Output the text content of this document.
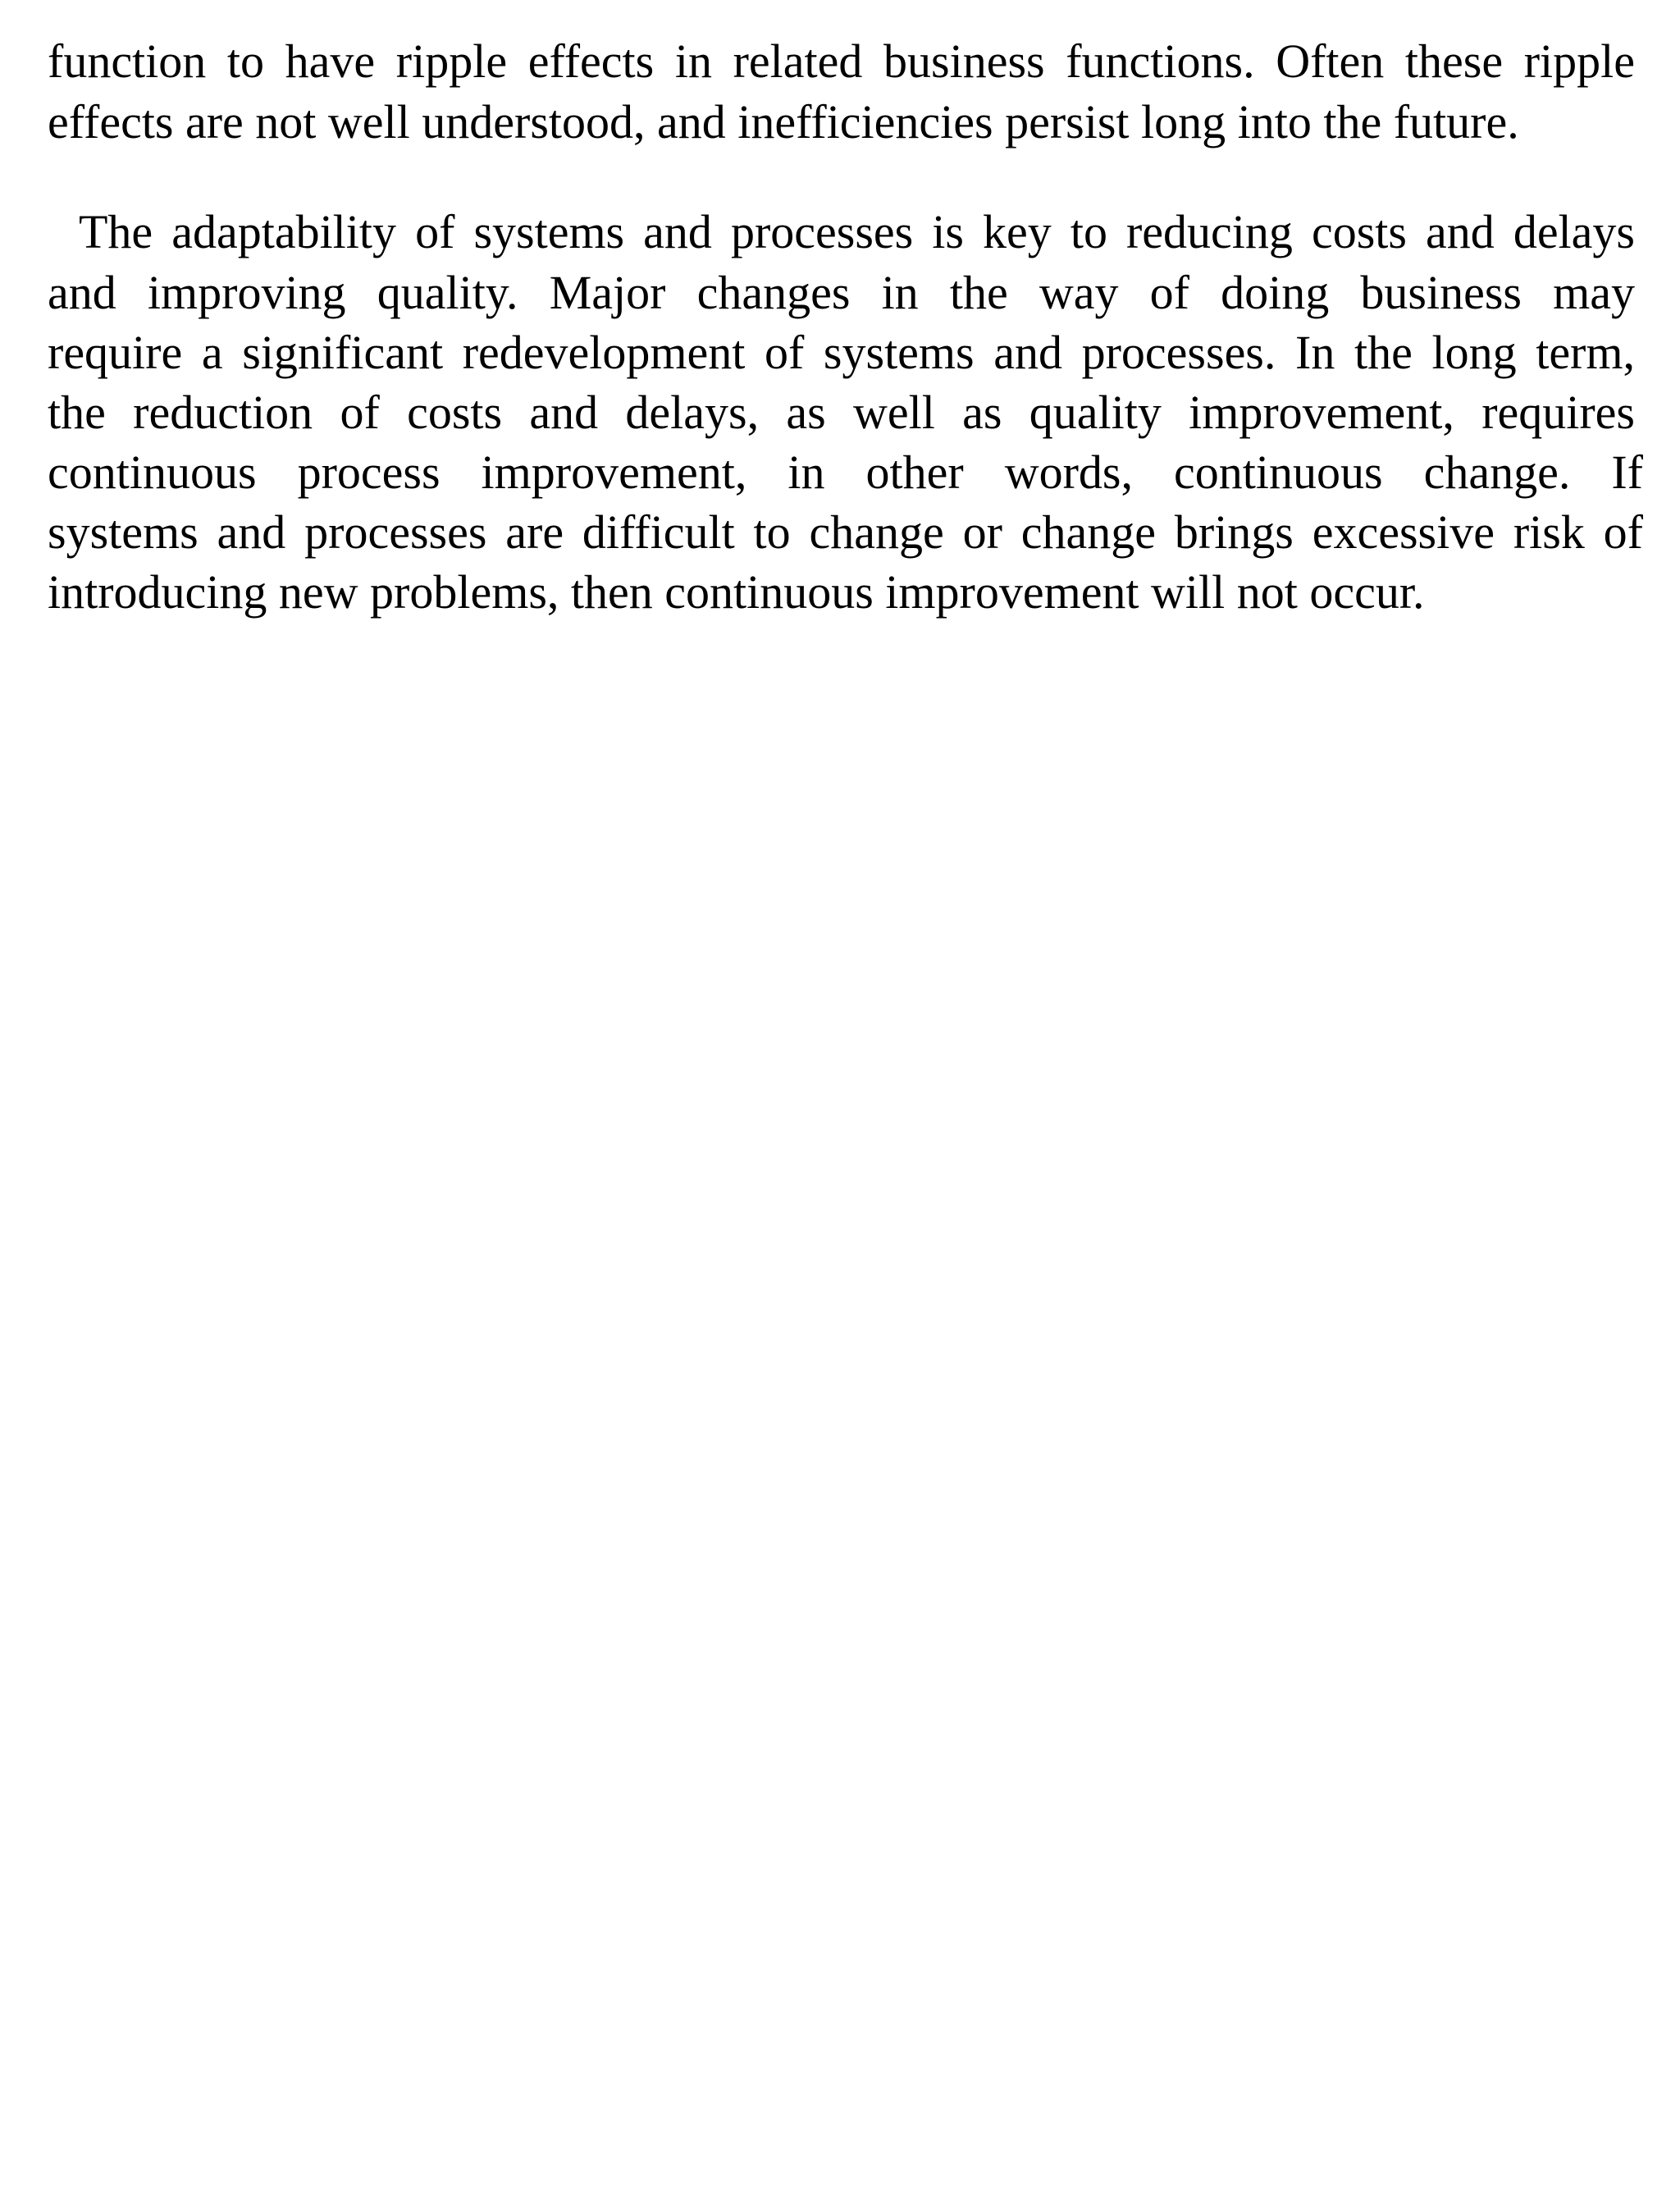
function to have ripple effects in related business functions. Often these ripple

effects are not well understood, and inefficiencies persist long into the future.

The adaptability of systems and processes is key to reducing costs and delays

and improving quality. Major changes in the way of doing business may

require a significant redevelopment of systems and processes. In the long term,

the reduction of costs and delays, as well as quality improvement, requires

continuous process improvement, in other words, continuous change. If

systems and processes are difficult to change or change brings excessive risk of

introducing new problems, then continuous improvement will not occur.
